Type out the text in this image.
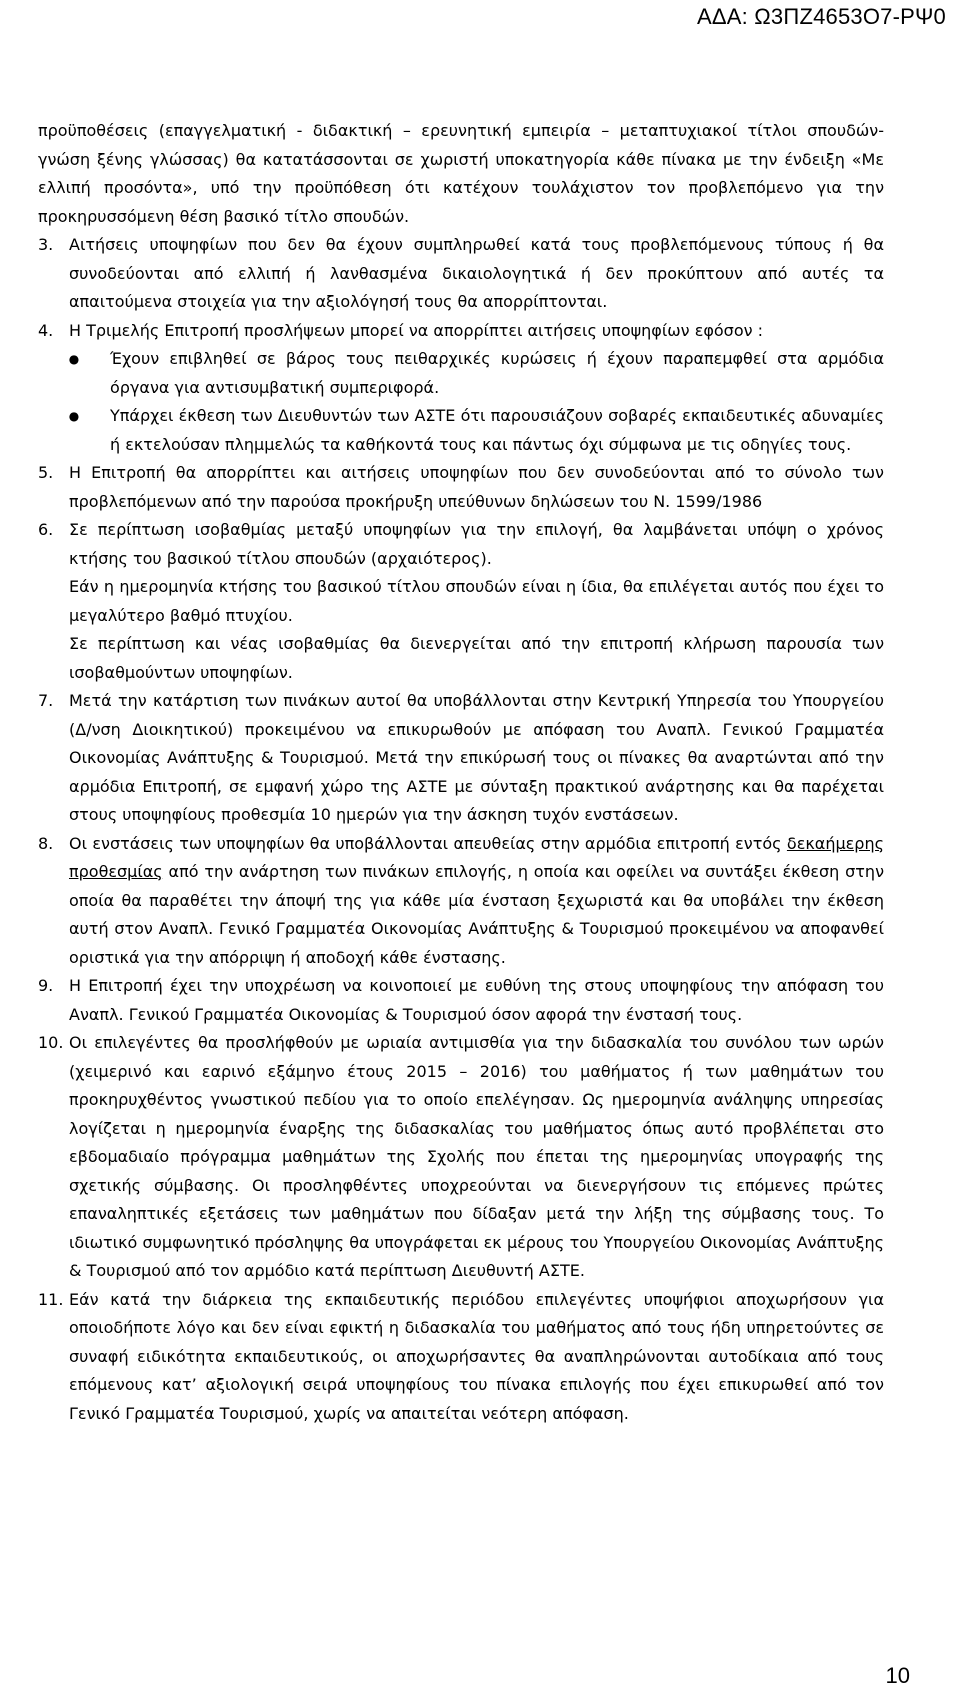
ΑΔΑ: Ω3ΠΖ4653Ο7-ΡΨ0

προϋποθέσεις (επαγγελματική - διδακτική – ερευνητική εμπειρία – μεταπτυχιακοί τίτλοι σπουδών- γνώση ξένης γλώσσας) θα κατατάσσονται σε χωριστή υποκατηγορία κάθε πίνακα με την ένδειξη «Με ελλιπή προσόντα», υπό την προϋπόθεση ότι κατέχουν τουλάχιστον τον προβλεπόμενο για την προκηρυσσόμενη θέση βασικό τίτλο σπουδών.

3. Αιτήσεις υποψηφίων που δεν θα έχουν συμπληρωθεί κατά τους προβλεπόμενους τύπους ή θα συνοδεύονται από ελλιπή ή λανθασμένα δικαιολογητικά ή δεν προκύπτουν από αυτές τα απαιτούμενα στοιχεία για την αξιολόγησή τους θα απορρίπτονται.

4. Η Τριμελής Επιτροπή προσλήψεων μπορεί να απορρίπτει αιτήσεις υποψηφίων εφόσον :

●	Έχουν επιβληθεί σε βάρος τους πειθαρχικές κυρώσεις ή έχουν παραπεμφθεί στα αρμόδια όργανα για αντισυμβατική συμπεριφορά.

●	Υπάρχει έκθεση των Διευθυντών των ΑΣΤΕ ότι παρουσιάζουν σοβαρές εκπαιδευτικές αδυναμίες ή εκτελούσαν πλημμελώς τα καθήκοντά τους και πάντως όχι σύμφωνα με τις οδηγίες τους.

5. Η Επιτροπή θα απορρίπτει και αιτήσεις υποψηφίων που δεν συνοδεύονται από το σύνολο των προβλεπόμενων από την παρούσα προκήρυξη υπεύθυνων δηλώσεων του Ν. 1599/1986

6. Σε περίπτωση ισοβαθμίας μεταξύ υποψηφίων για την επιλογή, θα λαμβάνεται υπόψη ο χρόνος κτήσης του βασικού τίτλου σπουδών (αρχαιότερος).

Εάν η ημερομηνία κτήσης του βασικού τίτλου σπουδών είναι η ίδια, θα επιλέγεται αυτός που έχει το μεγαλύτερο βαθμό πτυχίου.

Σε περίπτωση και νέας ισοβαθμίας θα διενεργείται από την επιτροπή κλήρωση παρουσία των ισοβαθμούντων υποψηφίων.

7. Μετά την κατάρτιση των πινάκων αυτοί θα υποβάλλονται στην Κεντρική Υπηρεσία του Υπουργείου (Δ/νση Διοικητικού) προκειμένου να επικυρωθούν με απόφαση του Αναπλ. Γενικού Γραμματέα Οικονομίας Ανάπτυξης & Τουρισμού. Μετά την επικύρωσή τους οι πίνακες θα αναρτώνται από την αρμόδια Επιτροπή, σε εμφανή χώρο της ΑΣΤΕ με σύνταξη πρακτικού ανάρτησης και θα παρέχεται στους υποψηφίους προθεσμία 10 ημερών για την άσκηση τυχόν ενστάσεων.

8. Οι ενστάσεις των υποψηφίων θα υποβάλλονται απευθείας στην αρμόδια επιτροπή εντός δεκαήμερης προθεσμίας από την ανάρτηση των πινάκων επιλογής, η οποία και οφείλει να συντάξει έκθεση στην οποία θα παραθέτει την άποψή της για κάθε μία ένσταση ξεχωριστά και θα υποβάλει την έκθεση αυτή στον Αναπλ. Γενικό Γραμματέα Οικονομίας Ανάπτυξης & Τουρισμού προκειμένου να αποφανθεί οριστικά για την απόρριψη ή αποδοχή κάθε ένστασης.

9. Η Επιτροπή έχει την υποχρέωση να κοινοποιεί με ευθύνη της στους υποψηφίους την απόφαση του Αναπλ. Γενικού Γραμματέα Οικονομίας & Τουρισμού όσον αφορά την ένστασή τους.

10. Οι επιλεγέντες θα προσλήφθούν με ωριαία αντιμισθία για την διδασκαλία του συνόλου των ωρών (χειμερινό και εαρινό εξάμηνο έτους 2015 – 2016) του μαθήματος ή των μαθημάτων του προκηρυχθέντος γνωστικού πεδίου για το οποίο επελέγησαν. Ως ημερομηνία ανάληψης υπηρεσίας λογίζεται η ημερομηνία έναρξης της διδασκαλίας του μαθήματος όπως αυτό προβλέπεται στο εβδομαδιαίο πρόγραμμα μαθημάτων της Σχολής που έπεται της ημερομηνίας υπογραφής της σχετικής σύμβασης. Οι προσληφθέντες υποχρεούνται να διενεργήσουν τις επόμενες πρώτες επαναληπτικές εξετάσεις των μαθημάτων που δίδαξαν μετά την λήξη της σύμβασης τους. Το ιδιωτικό συμφωνητικό πρόσληψης θα υπογράφεται εκ μέρους του Υπουργείου Οικονομίας Ανάπτυξης & Τουρισμού από τον αρμόδιο κατά περίπτωση Διευθυντή ΑΣΤΕ.

11. Εάν κατά την διάρκεια της εκπαιδευτικής περιόδου επιλεγέντες υποψήφιοι αποχωρήσουν για οποιοδήποτε λόγο και δεν είναι εφικτή η διδασκαλία του μαθήματος από τους ήδη υπηρετούντες σε συναφή ειδικότητα εκπαιδευτικούς, οι αποχωρήσαντες θα αναπληρώνονται αυτοδίκαια από τους επόμενους κατ’ αξιολογική σειρά υποψηφίους του πίνακα επιλογής που έχει επικυρωθεί από τον Γενικό Γραμματέα Τουρισμού, χωρίς να απαιτείται νεότερη απόφαση.

10
